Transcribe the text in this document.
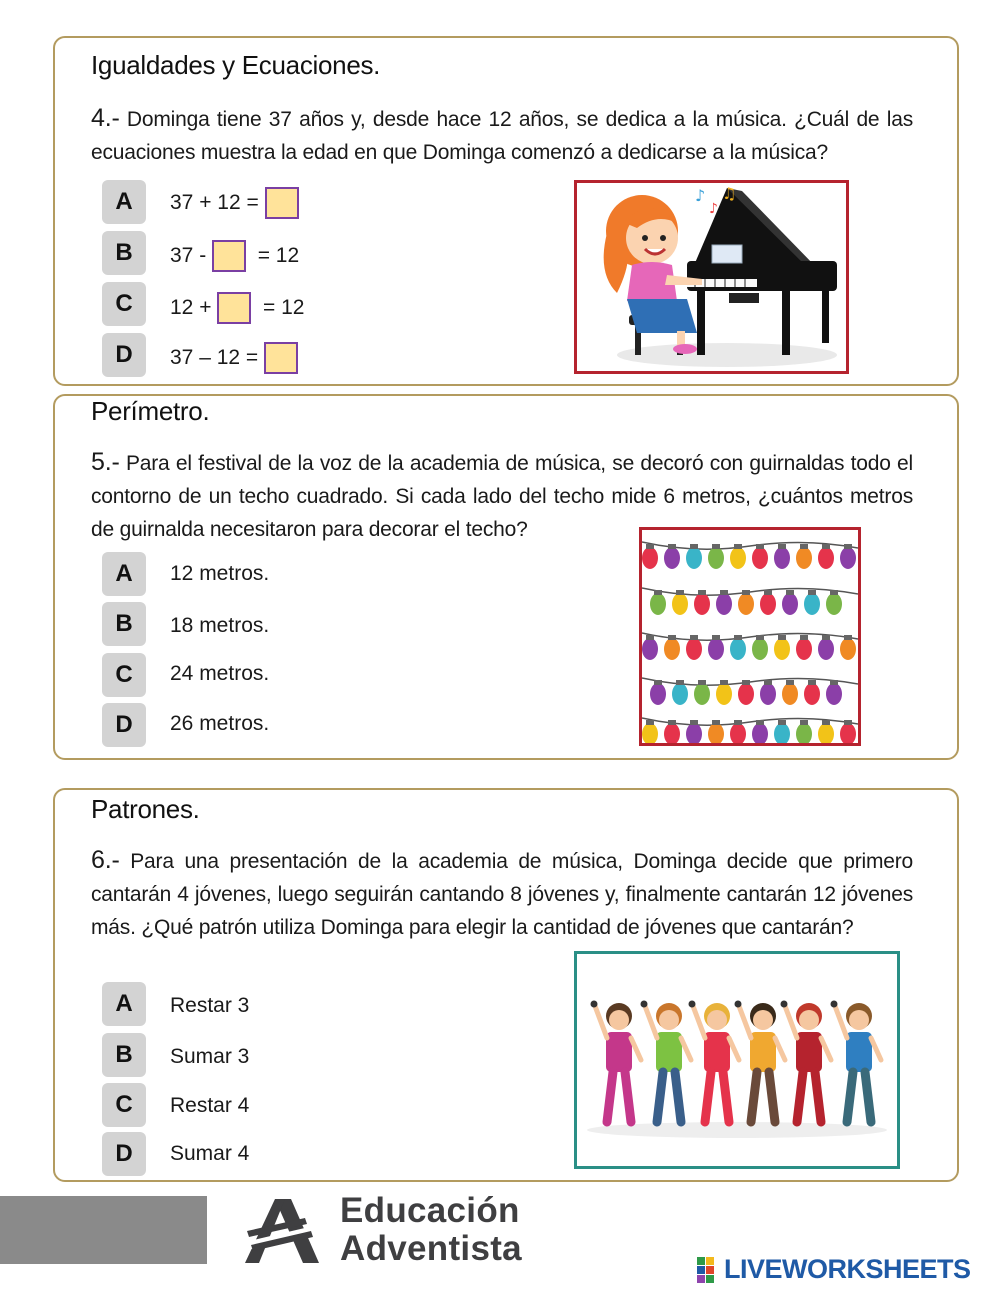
Igualdades y Ecuaciones.
4.- Dominga tiene 37 años y, desde hace 12 años, se dedica a la música. ¿Cuál de las ecuaciones muestra la edad en que Dominga comenzó a dedicarse a la música?
A	37 + 12 =
B	37 - = 12
C	12 + = 12
D	37 – 12 =
♪
♪
♫
Perímetro.
5.- Para el festival de la voz de la academia de música, se decoró con guirnaldas todo el contorno de un techo cuadrado. Si cada lado del techo mide 6 metros, ¿cuántos metros de guirnalda necesitaron para decorar el techo?
A	12 metros.
B	18 metros.
C	24 metros.
D	26 metros.
Patrones.
6.- Para una presentación de la academia de música, Dominga decide que primero cantarán 4 jóvenes, luego seguirán cantando 8 jóvenes y, finalmente cantarán 12 jóvenes más. ¿Qué patrón utiliza Dominga para elegir la cantidad de jóvenes que cantarán?
A	Restar 3
B	Sumar 3
C	Restar 4
D	Sumar 4
Educación
Adventista
LIVEWORKSHEETS
